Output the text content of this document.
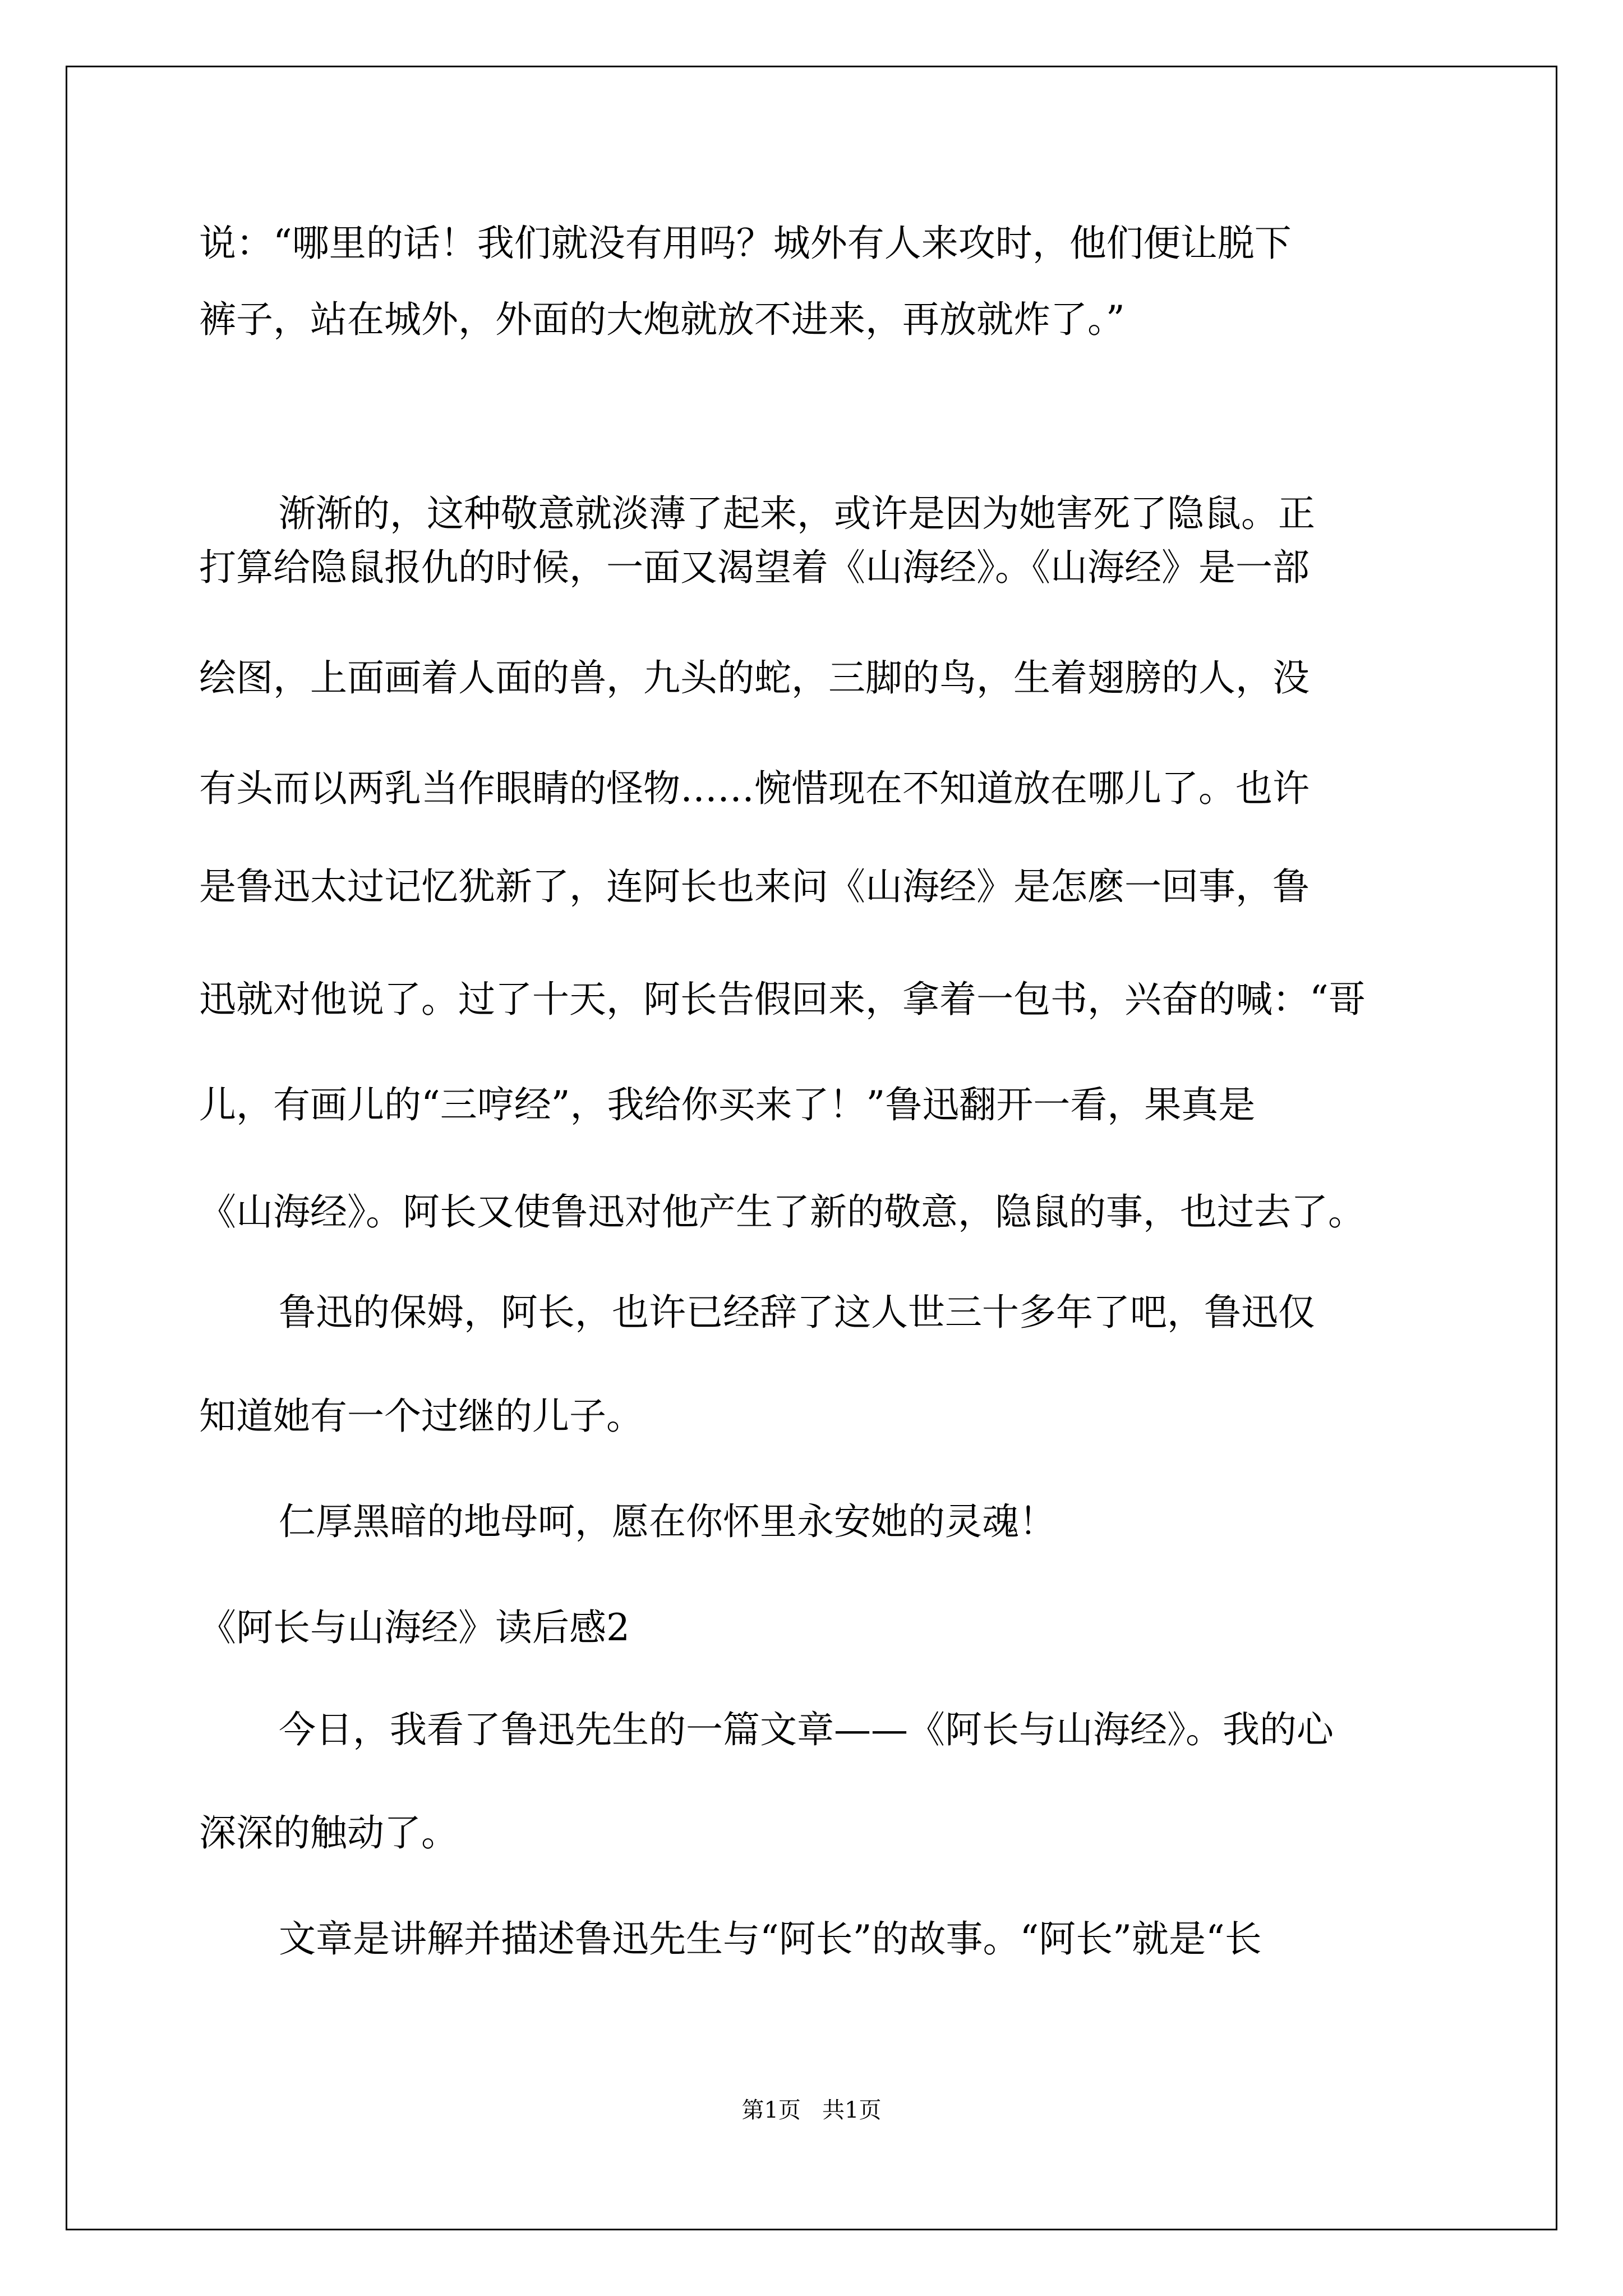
说：“哪里的话！我们就没有用吗？城外有人来攻时，他们便让脱下
裤子，站在城外，外面的大炮就放不进来，再放就炸了。”
渐渐的，这种敬意就淡薄了起来，或许是因为她害死了隐鼠。正
打算给隐鼠报仇的时候，一面又渴望着《山海经》。《山海经》是一部
绘图，上面画着人面的兽，九头的蛇，三脚的鸟，生着翅膀的人，没
有头而以两乳当作眼睛的怪物……惋惜现在不知道放在哪儿了。也许
是鲁迅太过记忆犹新了，连阿长也来问《山海经》是怎麽一回事，鲁
迅就对他说了。过了十天，阿长告假回来，拿着一包书，兴奋的喊：“哥
儿，有画儿的“三哼经”，我给你买来了！”鲁迅翻开一看，果真是
《山海经》。阿长又使鲁迅对他产生了新的敬意，隐鼠的事，也过去了。
鲁迅的保姆，阿长，也许已经辞了这人世三十多年了吧，鲁迅仅
知道她有一个过继的儿子。
仁厚黑暗的地母呵，愿在你怀里永安她的灵魂！
《阿长与山海经》读后感2
今日，我看了鲁迅先生的一篇文章——《阿长与山海经》。我的心
深深的触动了。
文章是讲解并描述鲁迅先生与“阿长”的故事。“阿长”就是“长
第1页   共1页
